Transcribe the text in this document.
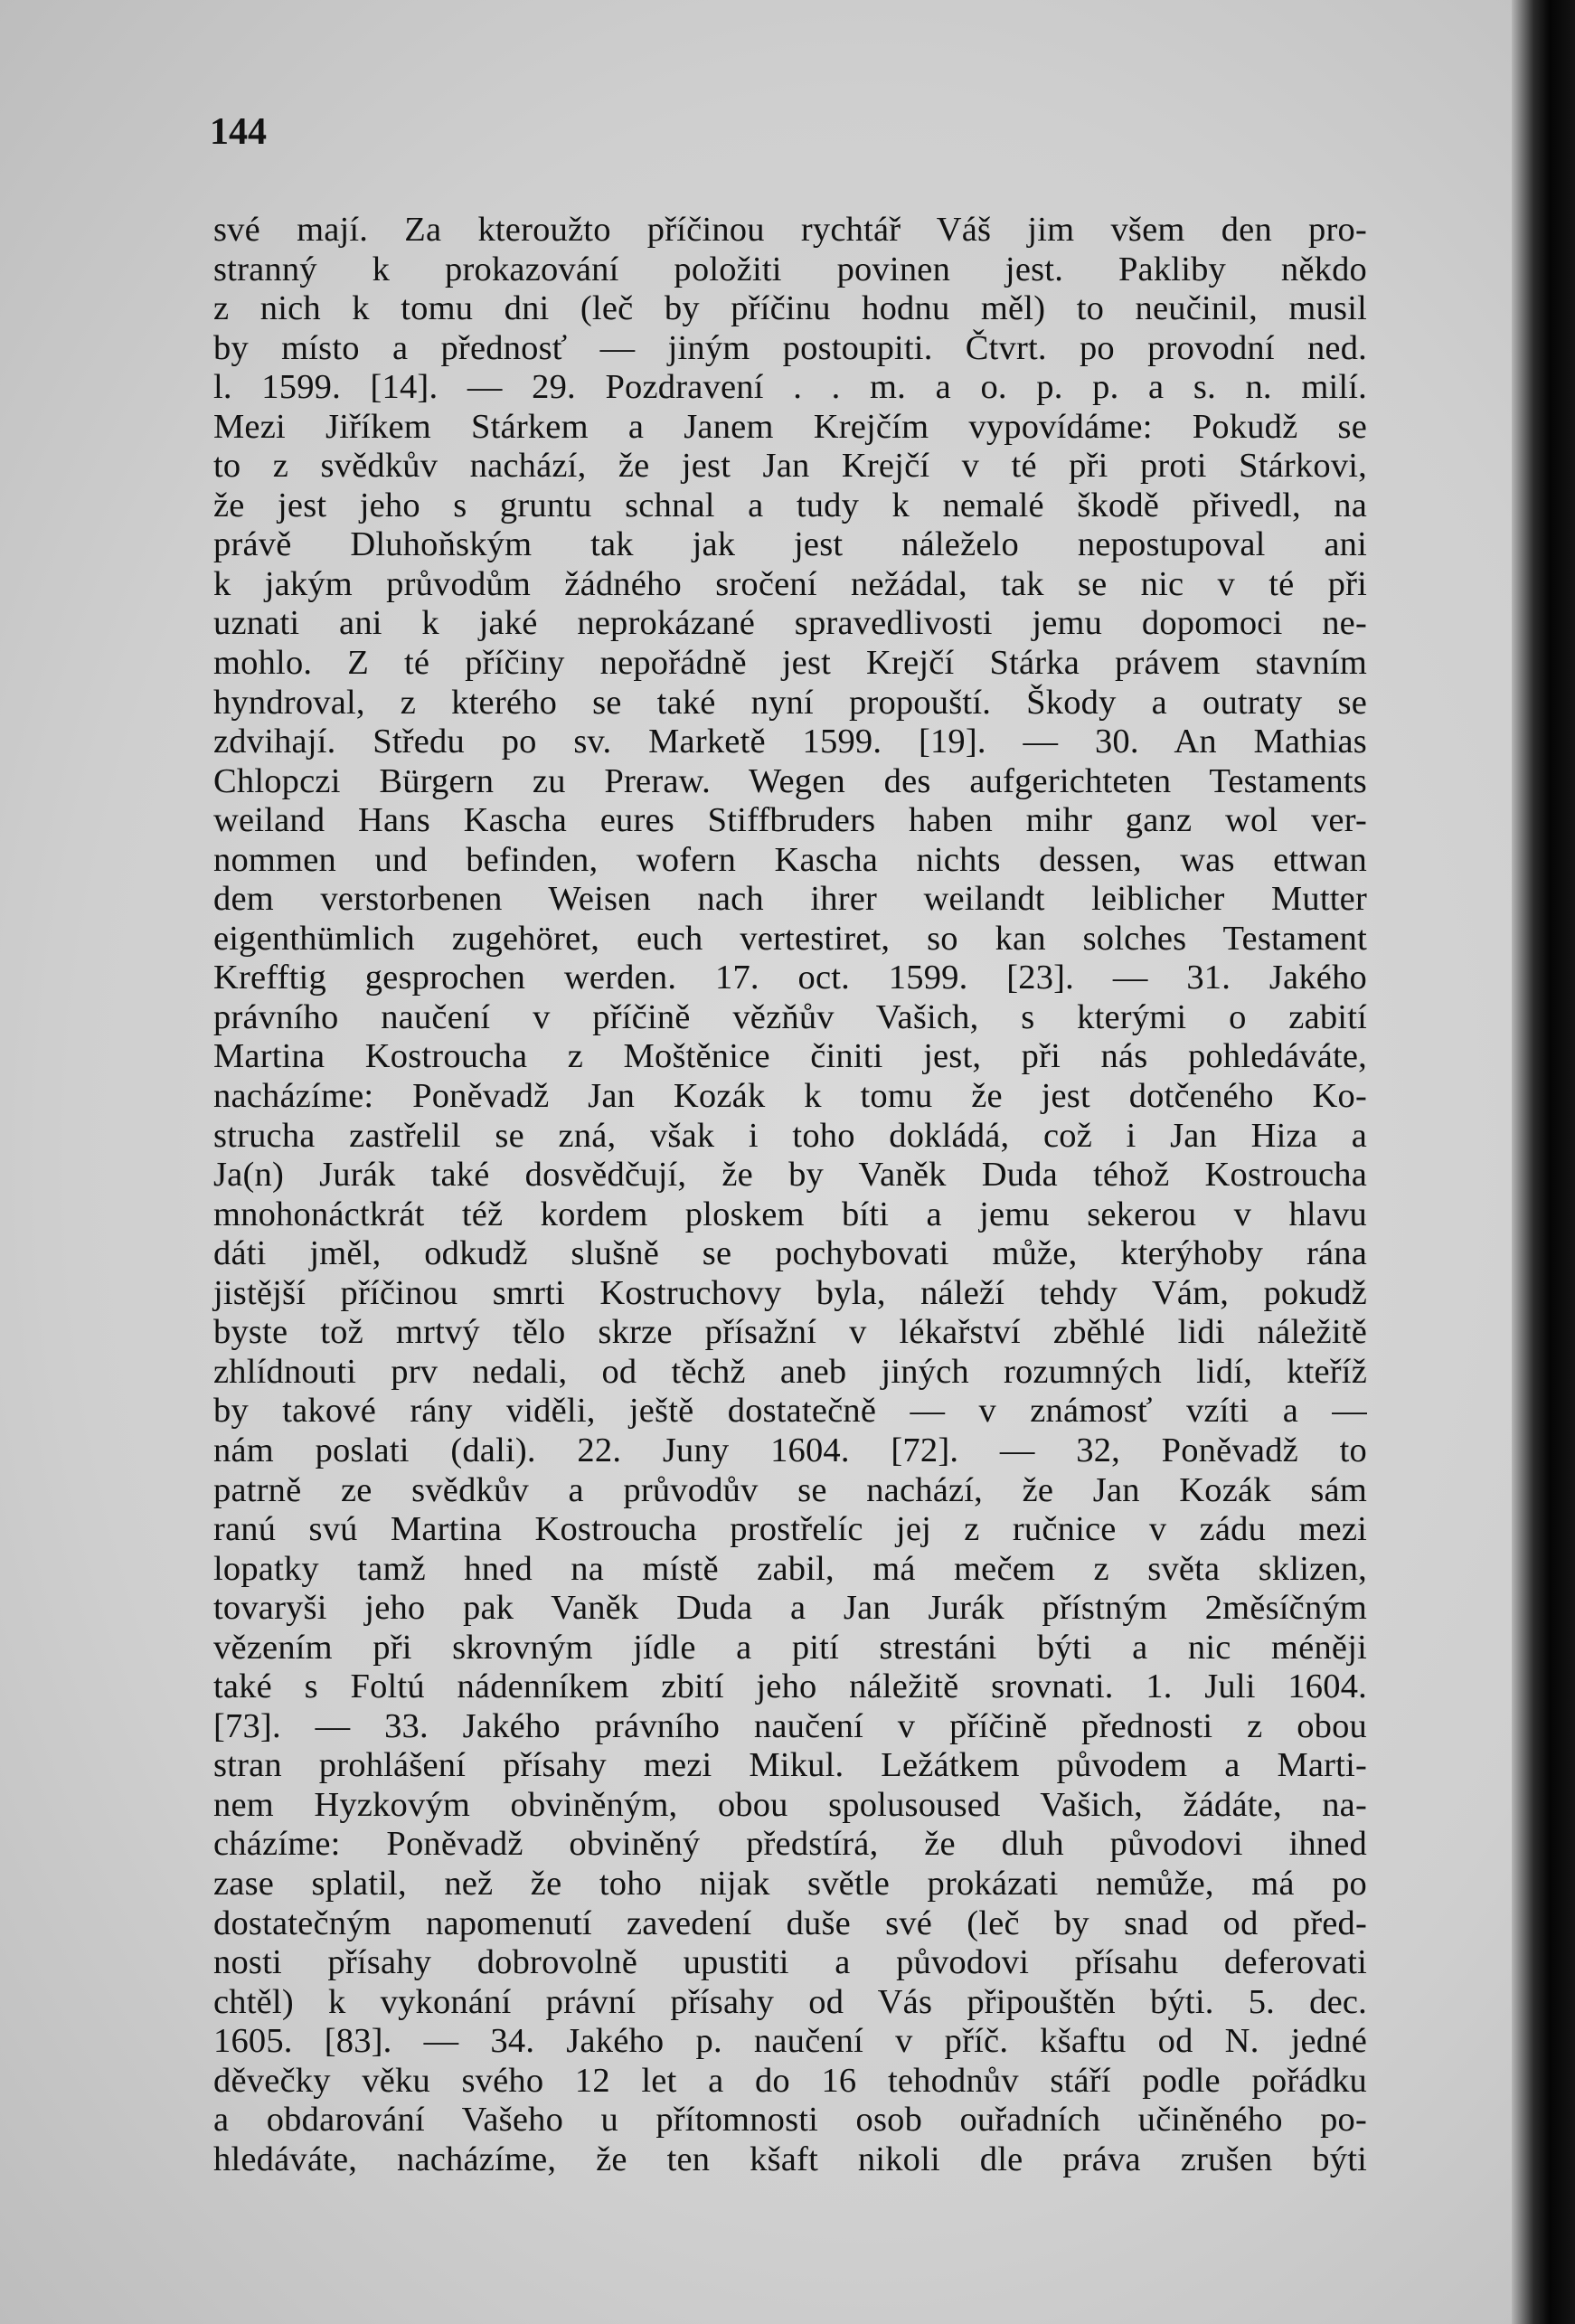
144
své mají. Za kteroužto příčinou rychtář Váš jim všem den pro-
stranný k prokazování položiti povinen jest. Pakliby někdo
z nich k tomu dni (leč by příčinu hodnu měl) to neučinil, musil
by místo a přednosť — jiným postoupiti. Čtvrt. po provodní ned.
l. 1599. [14]. — 29. Pozdravení . . m. a o. p. p. a s. n. milí.
Mezi Jiříkem Stárkem a Janem Krejčím vypovídáme: Pokudž se
to z svědkův nachází, že jest Jan Krejčí v té při proti Stárkovi,
že jest jeho s gruntu schnal a tudy k nemalé škodě přivedl, na
právě Dluhoňským tak jak jest náleželo nepostupoval ani
k jakým průvodům žádného sročení nežádal, tak se nic v té při
uznati ani k jaké neprokázané spravedlivosti jemu dopomoci ne-
mohlo. Z té příčiny nepořádně jest Krejčí Stárka právem stavním
hyndroval, z kterého se také nyní propouští. Škody a outraty se
zdvihají. Středu po sv. Marketě 1599. [19]. — 30. An Mathias
Chlopczi Bürgern zu Preraw. Wegen des aufgerichteten Testaments
weiland Hans Kascha eures Stiffbruders haben mihr ganz wol ver-
nommen und befinden, wofern Kascha nichts dessen, was ettwan
dem verstorbenen Weisen nach ihrer weilandt leiblicher Mutter
eigenthümlich zugehöret, euch vertestiret, so kan solches Testament
Krefftig gesprochen werden. 17. oct. 1599. [23]. — 31. Jakého
právního naučení v příčině vězňův Vašich, s kterými o zabití
Martina Kostroucha z Moštěnice činiti jest, při nás pohledáváte,
nacházíme: Poněvadž Jan Kozák k tomu že jest dotčeného Ko-
strucha zastřelil se zná, však i toho dokládá, což i Jan Hiza a
Ja(n) Jurák také dosvědčují, že by Vaněk Duda téhož Kostroucha
mnohonáctkrát též kordem ploskem bíti a jemu sekerou v hlavu
dáti jměl, odkudž slušně se pochybovati může, kterýhoby rána
jistější příčinou smrti Kostruchovy byla, náleží tehdy Vám, pokudž
byste tož mrtvý tělo skrze přísažní v lékařství zběhlé lidi náležitě
zhlídnouti prv nedali, od těchž aneb jiných rozumných lidí, kteříž
by takové rány viděli, ještě dostatečně — v známosť vzíti a —
nám poslati (dali). 22. Juny 1604. [72]. — 32, Poněvadž to
patrně ze svědkův a průvodův se nachází, že Jan Kozák sám
ranú svú Martina Kostroucha prostřelíc jej z ručnice v zádu mezi
lopatky tamž hned na místě zabil, má mečem z světa sklizen,
tovaryši jeho pak Vaněk Duda a Jan Jurák přístným 2měsíčným
vězením při skrovným jídle a pití strestáni býti a nic méněji
také s Foltú nádenníkem zbití jeho náležitě srovnati. 1. Juli 1604.
[73]. — 33. Jakého právního naučení v příčině přednosti z obou
stran prohlášení přísahy mezi Mikul. Ležátkem původem a Marti-
nem Hyzkovým obviněným, obou spolusoused Vašich, žádáte, na-
cházíme: Poněvadž obviněný předstírá, že dluh původovi ihned
zase splatil, než že toho nijak světle prokázati nemůže, má po
dostatečným napomenutí zavedení duše své (leč by snad od před-
nosti přísahy dobrovolně upustiti a původovi přísahu deferovati
chtěl) k vykonání právní přísahy od Vás připouštěn býti. 5. dec.
1605. [83]. — 34. Jakého p. naučení v příč. kšaftu od N. jedné
děvečky věku svého 12 let a do 16 tehodnův stáří podle pořádku
a obdarování Vašeho u přítomnosti osob ouřadních učiněného po-
hledáváte, nacházíme, že ten kšaft nikoli dle práva zrušen býti
